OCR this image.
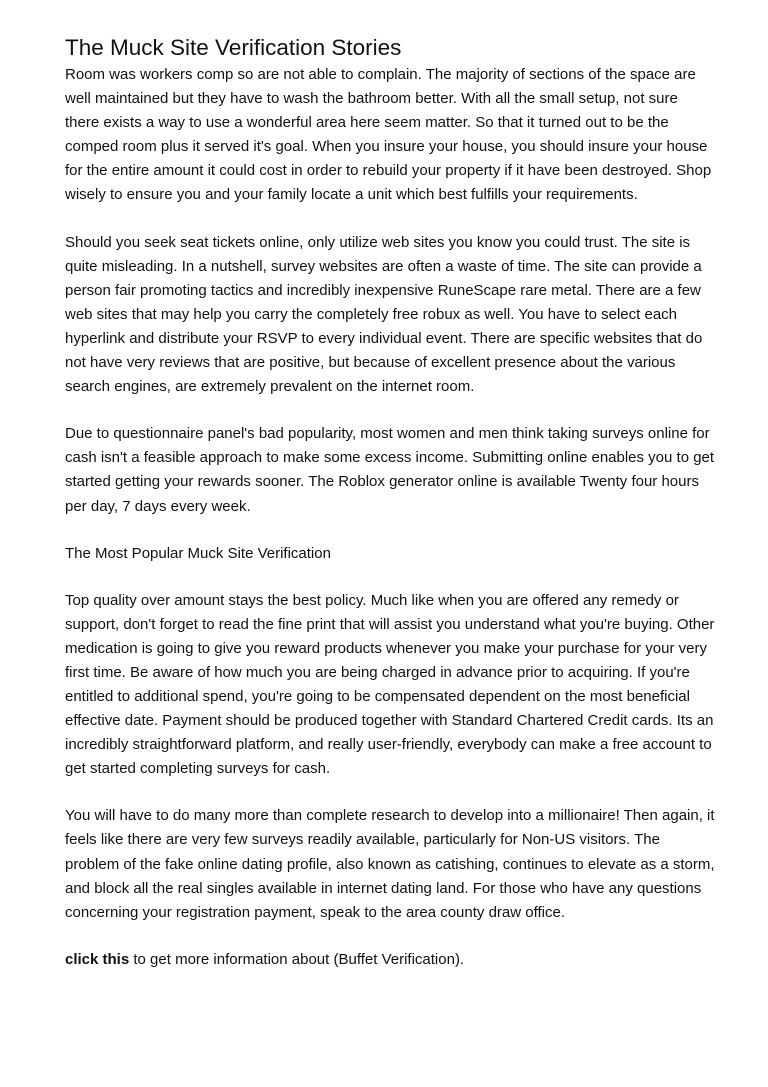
The Muck Site Verification Stories

Room was workers comp so are not able to complain. The majority of sections of the space are well maintained but they have to wash the bathroom better. With all the small setup, not sure there exists a way to use a wonderful area here seem matter. So that it turned out to be the comped room plus it served it's goal. When you insure your house, you should insure your house for the entire amount it could cost in order to rebuild your property if it have been destroyed. Shop wisely to ensure you and your family locate a unit which best fulfills your requirements.

Should you seek seat tickets online, only utilize web sites you know you could trust. The site is quite misleading. In a nutshell, survey websites are often a waste of time. The site can provide a person fair promoting tactics and incredibly inexpensive RuneScape rare metal. There are a few web sites that may help you carry the completely free robux as well. You have to select each hyperlink and distribute your RSVP to every individual event. There are specific websites that do not have very reviews that are positive, but because of excellent presence about the various search engines, are extremely prevalent on the internet room.

Due to questionnaire panel's bad popularity, most women and men think taking surveys online for cash isn't a feasible approach to make some excess income. Submitting online enables you to get started getting your rewards sooner. The Roblox generator online is available Twenty four hours per day, 7 days every week.

The Most Popular Muck Site Verification

Top quality over amount stays the best policy. Much like when you are offered any remedy or support, don't forget to read the fine print that will assist you understand what you're buying. Other medication is going to give you reward products whenever you make your purchase for your very first time. Be aware of how much you are being charged in advance prior to acquiring. If you're entitled to additional spend, you're going to be compensated dependent on the most beneficial effective date. Payment should be produced together with Standard Chartered Credit cards. Its an incredibly straightforward platform, and really user-friendly, everybody can make a free account to get started completing surveys for cash.

You will have to do many more than complete research to develop into a millionaire! Then again, it feels like there are very few surveys readily available, particularly for Non-US visitors. The problem of the fake online dating profile, also known as catishing, continues to elevate as a storm, and block all the real singles available in internet dating land. For those who have any questions concerning your registration payment, speak to the area county draw office.

click this to get more information about (Buffet Verification).
